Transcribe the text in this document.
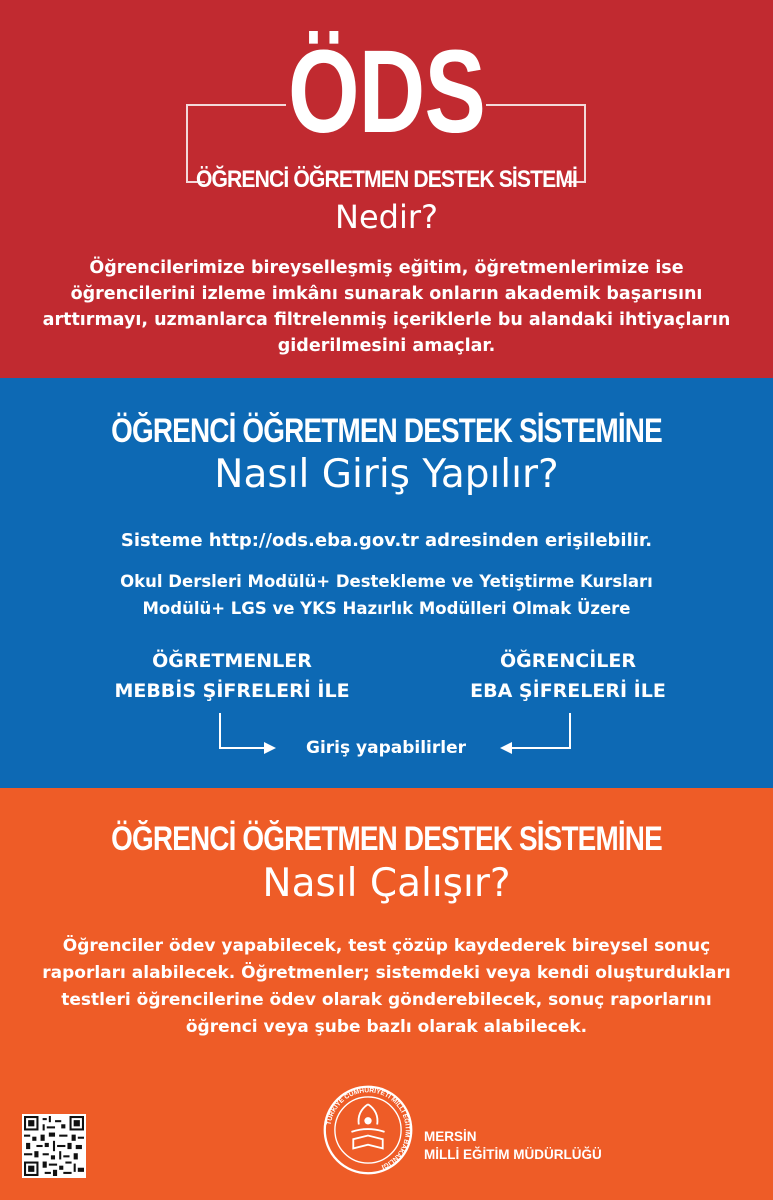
ÖDS
ÖĞRENCİ ÖĞRETMEN DESTEK SİSTEMİ
Nedir?
Öğrencilerimize bireyselleşmiş eğitim, öğretmenlerimize ise öğrencilerini izleme imkânı sunarak onların akademik başarısını arttırmayı, uzmanlarca filtrelenmiş içeriklerle bu alandaki ihtiyaçların giderilmesini amaçlar.
ÖĞRENCİ ÖĞRETMEN DESTEK SİSTEMİNE
Nasıl Giriş Yapılır?
Sisteme http://ods.eba.gov.tr adresinden erişilebilir.
Okul Dersleri Modülü+ Destekleme ve Yetiştirme Kursları
Modülü+ LGS ve YKS Hazırlık Modülleri Olmak Üzere
ÖĞRETMENLER
MEBBİS ŞİFRELERİ İLE
ÖĞRENCİLER
EBA ŞİFRELERİ İLE
Giriş yapabilirler
ÖĞRENCİ ÖĞRETMEN DESTEK SİSTEMİNE
Nasıl Çalışır?
Öğrenciler ödev yapabilecek, test çözüp kaydederek bireysel sonuç raporları alabilecek. Öğretmenler; sistemdeki veya kendi oluşturdukları testleri öğrencilerine ödev olarak gönderebilecek, sonuç raporlarını öğrenci veya şube bazlı olarak alabilecek.
TÜRKİYE CUMHURİYETİ MİLLİ EĞİTİM BAKANLIĞI
MERSİN
MİLLİ EĞİTİM MÜDÜRLÜĞÜ
